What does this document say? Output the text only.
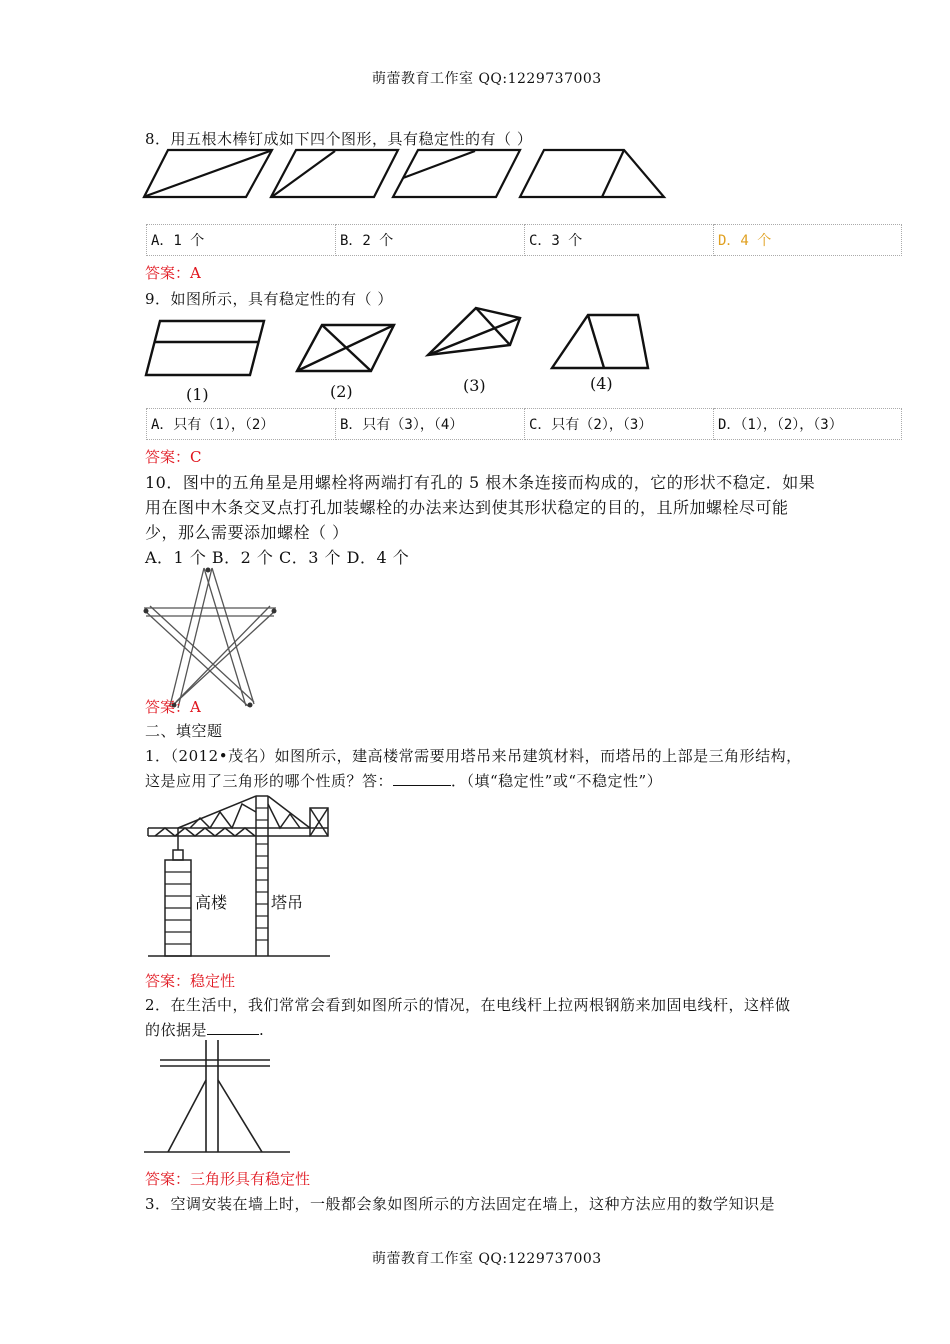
萌蕾教育工作室 QQ:1229737003
8．用五根木棒钉成如下四个图形，具有稳定性的有（ ）
A．1 个	B．2 个	C．3 个	D．4 个
答案：A
9．如图所示，具有稳定性的有（ ）
(1)	(2)	(3)	(4)
A．只有（1），（2）	B．只有（3），（4）	C．只有（2），（3）	D．（1），（2），（3）
答案：C
10．图中的五角星是用螺栓将两端打有孔的 5 根木条连接而构成的，它的形状不稳定．如果
用在图中木条交叉点打孔加装螺栓的办法来达到使其形状稳定的目的，且所加螺栓尽可能
少，那么需要添加螺栓（ ）
A．1 个 B．2 个 C．3 个 D．4 个
答案：A
二、填空题
1．（2012•茂名）如图所示，建高楼常需要用塔吊来吊建筑材料，而塔吊的上部是三角形结构，
这是应用了三角形的哪个性质？答：	．（填“稳定性”或“不稳定性”）
高楼	塔吊
答案：稳定性
2．在生活中，我们常常会看到如图所示的情况，在电线杆上拉两根钢筋来加固电线杆，这样做
的依据是	.
答案：三角形具有稳定性
3．空调安装在墙上时，一般都会象如图所示的方法固定在墙上，这种方法应用的数学知识是
萌蕾教育工作室 QQ:1229737003
